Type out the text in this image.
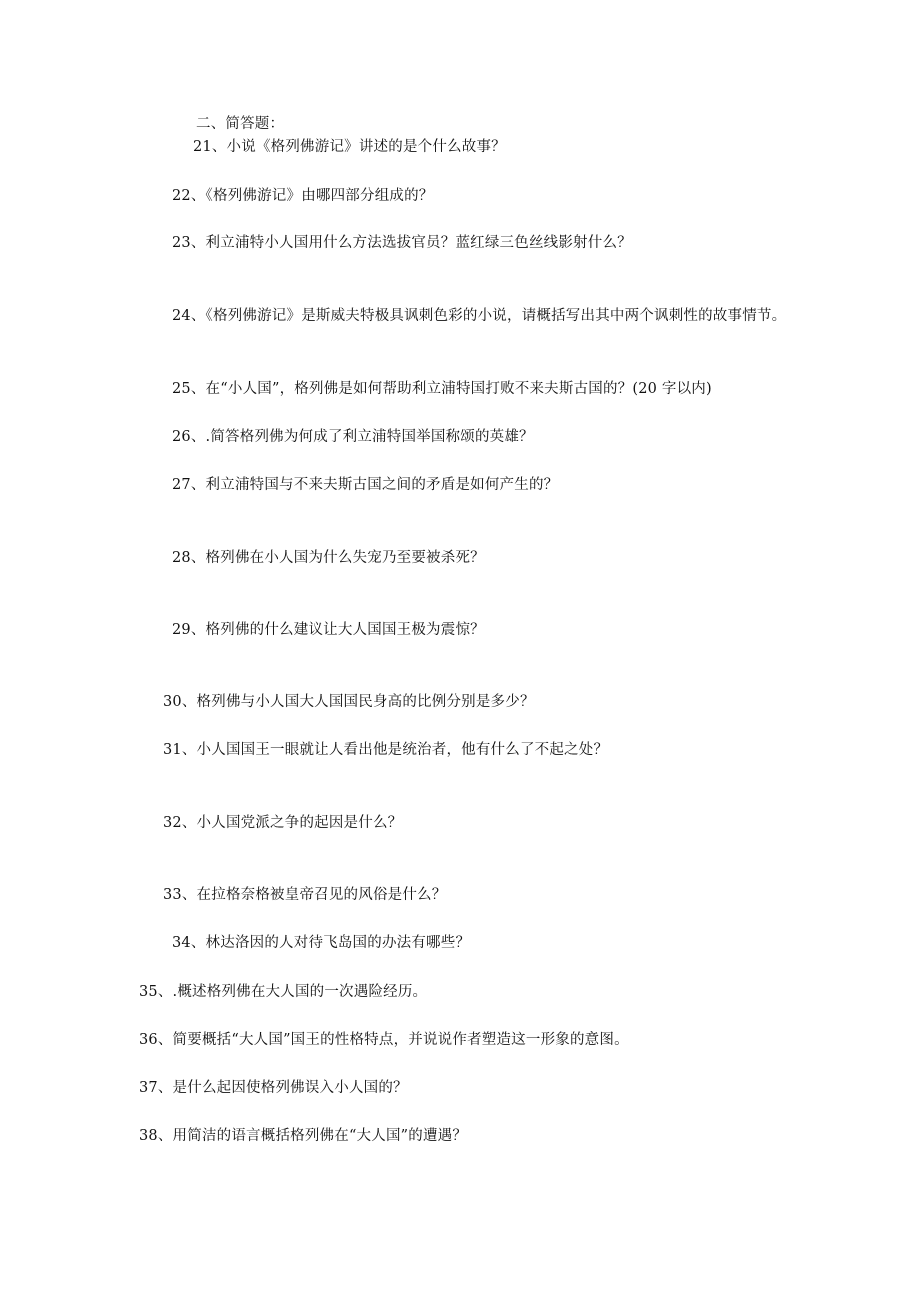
二、简答题：
21、小说《格列佛游记》讲述的是个什么故事？
22、《格列佛游记》由哪四部分组成的？
23、利立浦特小人国用什么方法选拔官员？蓝红绿三色丝线影射什么？
24、《格列佛游记》是斯威夫特极具讽刺色彩的小说，请概括写出其中两个讽刺性的故事情节。
25、在“小人国”，格列佛是如何帮助利立浦特国打败不来夫斯古国的？(20 字以内)
26、.简答格列佛为何成了利立浦特国举国称颂的英雄？
27、利立浦特国与不来夫斯古国之间的矛盾是如何产生的？
28、格列佛在小人国为什么失宠乃至要被杀死？
29、格列佛的什么建议让大人国国王极为震惊？
30、格列佛与小人国大人国国民身高的比例分别是多少？
31、小人国国王一眼就让人看出他是统治者，他有什么了不起之处？
32、小人国党派之争的起因是什么？
33、在拉格奈格被皇帝召见的风俗是什么？
34、林达洛因的人对待飞岛国的办法有哪些？
35、.概述格列佛在大人国的一次遇险经历。
36、简要概括“大人国”国王的性格特点，并说说作者塑造这一形象的意图。
37、是什么起因使格列佛误入小人国的？
38、用简洁的语言概括格列佛在“大人国”的遭遇？
